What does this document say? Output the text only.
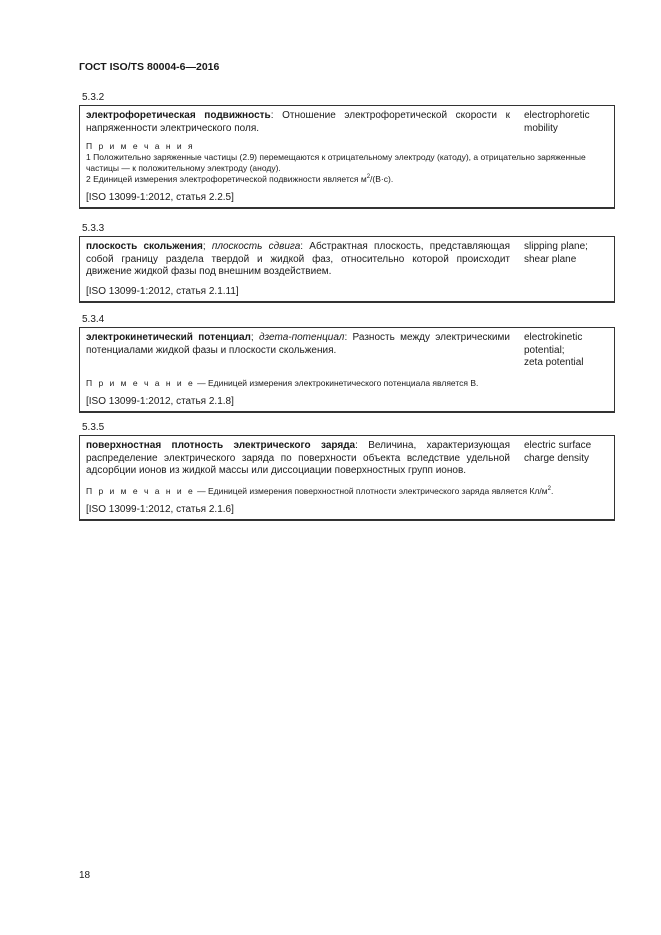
ГОСТ ISO/TS 80004-6—2016
5.3.2
электрофоретическая подвижность: Отношение электрофоретической скорости к напряженности электрического поля.
electrophoretic
mobility
П р и м е ч а н и я
1 Положительно заряженные частицы (2.9) перемещаются к отрицательному электроду (катоду), а отрицательно заряженные частицы — к положительному электроду (аноду).
2 Единицей измерения электрофоретической подвижности является $м^2/(В\cdot с)$.
[ISO 13099-1:2012, статья 2.2.5]
5.3.3
плоскость скольжения; плоскость сдвига: Абстрактная плоскость, представляющая собой границу раздела твердой и жидкой фаз, относительно которой происходит движение жидкой фазы под внешним воздействием.
slipping plane;
shear plane
[ISO 13099-1:2012, статья 2.1.11]
5.3.4
электрокинетический потенциал; дзета-потенциал: Разность между электрическими потенциалами жидкой фазы и плоскости скольжения.
electrokinetic
potential;
zeta potential
П р и м е ч а н и е — Единицей измерения электрокинетического потенциала является В.
[ISO 13099-1:2012, статья 2.1.8]
5.3.5
поверхностная плотность электрического заряда: Величина, характеризующая распределение электрического заряда по поверхности объекта вследствие удельной адсорбции ионов из жидкой массы или диссоциации поверхностных групп ионов.
electric surface
charge density
П р и м е ч а н и е — Единицей измерения поверхностной плотности электрического заряда является $Кл/м^2$.
[ISO 13099-1:2012, статья 2.1.6]
18
